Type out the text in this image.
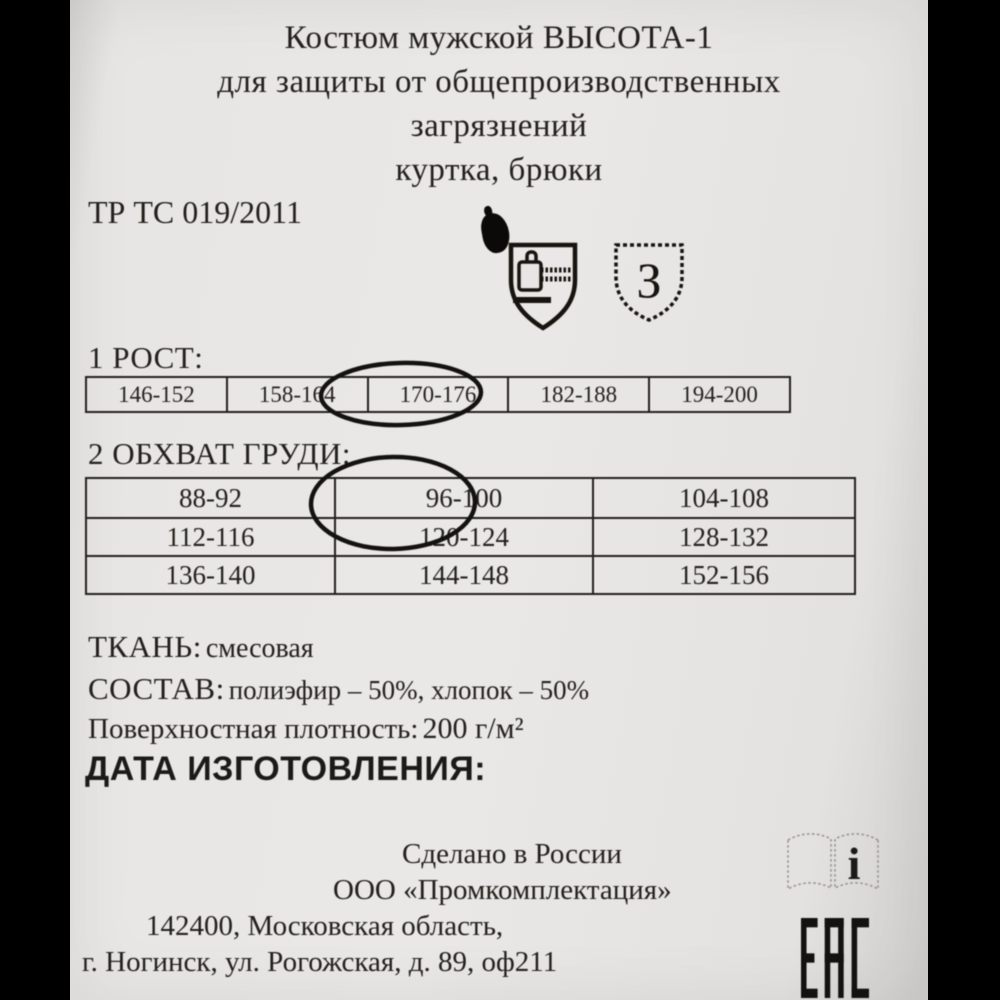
Костюм мужской ВЫСОТА-1
для защиты от общепроизводственных
загрязнений
куртка, брюки
ТР ТС 019/2011
З
1 РОСТ:
146-152	158-164	170-176	182-188	194-200
2 ОБХВАТ ГРУДИ:
88-92	96-100	104-108
112-116	120-124	128-132
136-140	144-148	152-156
ТКАНЬ: смесовая
СОСТАВ: полиэфир – 50%, хлопок – 50%
Поверхностная плотность: 200 г/м²
ДАТА ИЗГОТОВЛЕНИЯ:
Сделано в России
ООО «Промкомплектация»
142400, Московская область,
г. Ногинск, ул. Рогожская, д. 89, оф211
i
